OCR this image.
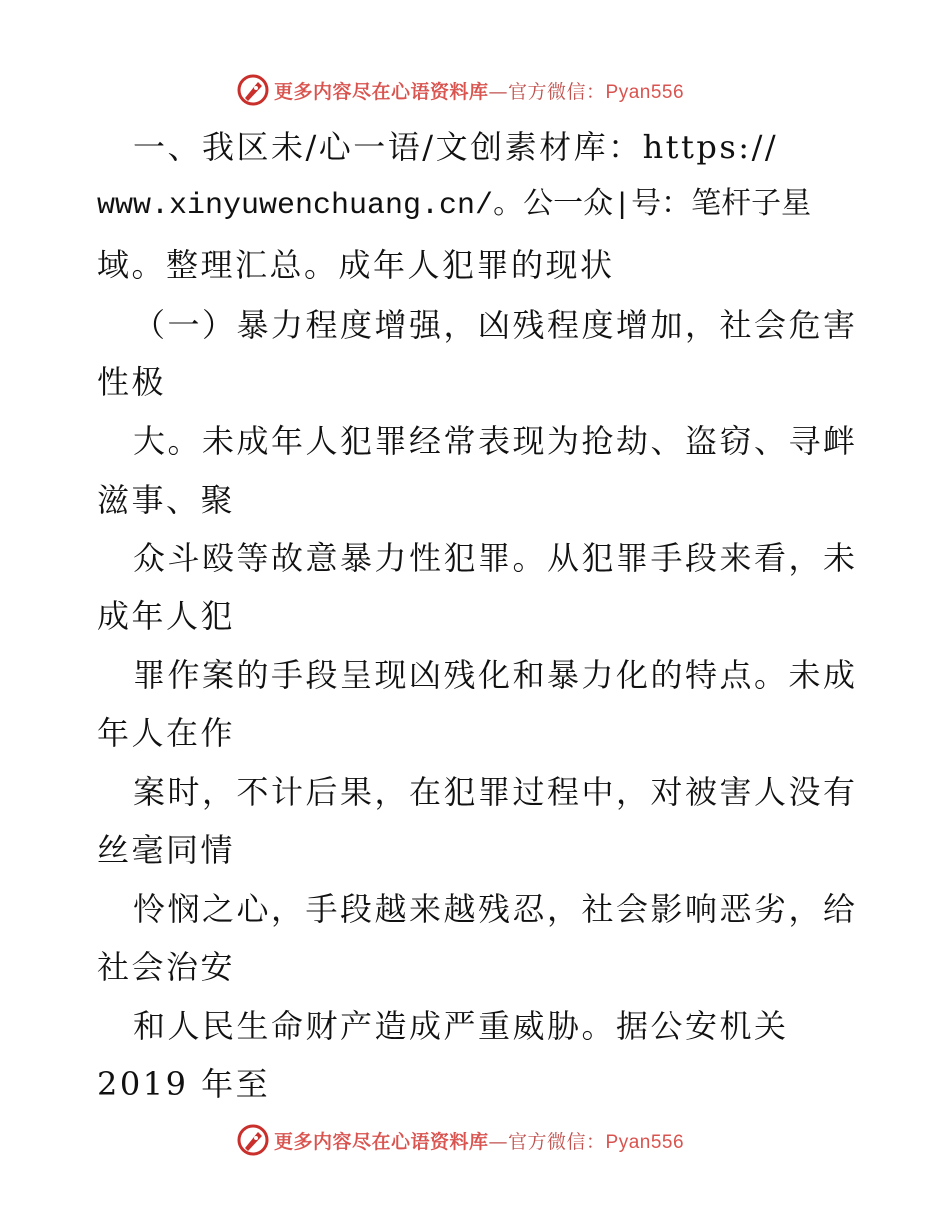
更多内容尽在心语资料库—官方微信：Pyan556
一、我区未/心一语/文创素材库：https://
www.xinyuwenchuang.cn/。公一众|号：笔杆子星
域。整理汇总。成年人犯罪的现状
（一）暴力程度增强，凶残程度增加，社会危害
性极
大。未成年人犯罪经常表现为抢劫、盗窃、寻衅
滋事、聚
众斗殴等故意暴力性犯罪。从犯罪手段来看，未
成年人犯
罪作案的手段呈现凶残化和暴力化的特点。未成
年人在作
案时，不计后果，在犯罪过程中，对被害人没有
丝毫同情
怜悯之心，手段越来越残忍，社会影响恶劣，给
社会治安
和人民生命财产造成严重威胁。据公安机关
2019 年至
更多内容尽在心语资料库—官方微信：Pyan556
